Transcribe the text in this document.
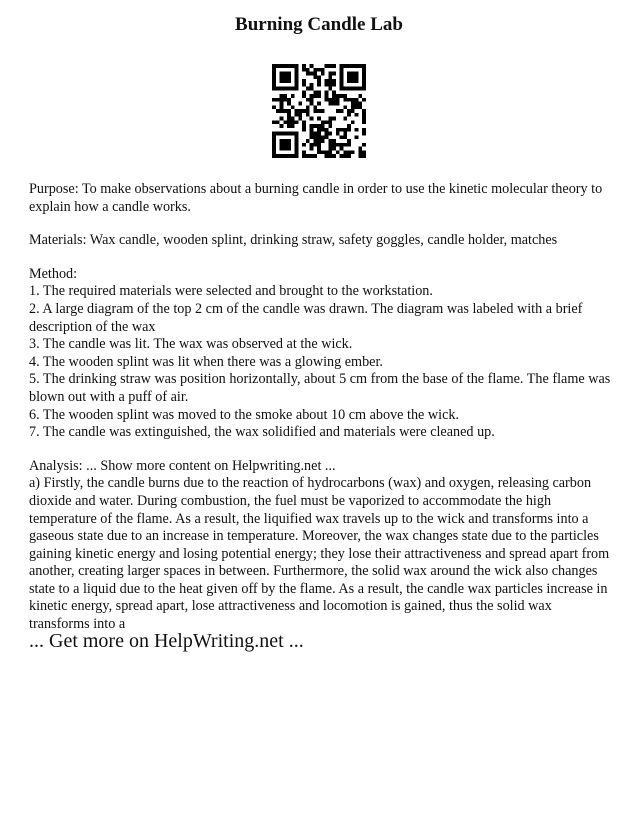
Burning Candle Lab

Purpose: To make observations about a burning candle in order to use the kinetic molecular theory to explain how a candle works.

Materials: Wax candle, wooden splint, drinking straw, safety goggles, candle holder, matches

Method:
1. The required materials were selected and brought to the workstation.
2. A large diagram of the top 2 cm of the candle was drawn. The diagram was labeled with a brief description of the wax
3. The candle was lit. The wax was observed at the wick.
4. The wooden splint was lit when there was a glowing ember.
5. The drinking straw was position horizontally, about 5 cm from the base of the flame. The flame was blown out with a puff of air.
6. The wooden splint was moved to the smoke about 10 cm above the wick.
7. The candle was extinguished, the wax solidified and materials were cleaned up.

Analysis: ... Show more content on Helpwriting.net ...
a) Firstly, the candle burns due to the reaction of hydrocarbons (wax) and oxygen, releasing carbon dioxide and water. During combustion, the fuel must be vaporized to accommodate the high temperature of the flame. As a result, the liquified wax travels up to the wick and transforms into a gaseous state due to an increase in temperature. Moreover, the wax changes state due to the particles gaining kinetic energy and losing potential energy; they lose their attractiveness and spread apart from another, creating larger spaces in between. Furthermore, the solid wax around the wick also changes state to a liquid due to the heat given off by the flame. As a result, the candle wax particles increase in kinetic energy, spread apart, lose attractiveness and locomotion is gained, thus the solid wax transforms into a

... Get more on HelpWriting.net ...
